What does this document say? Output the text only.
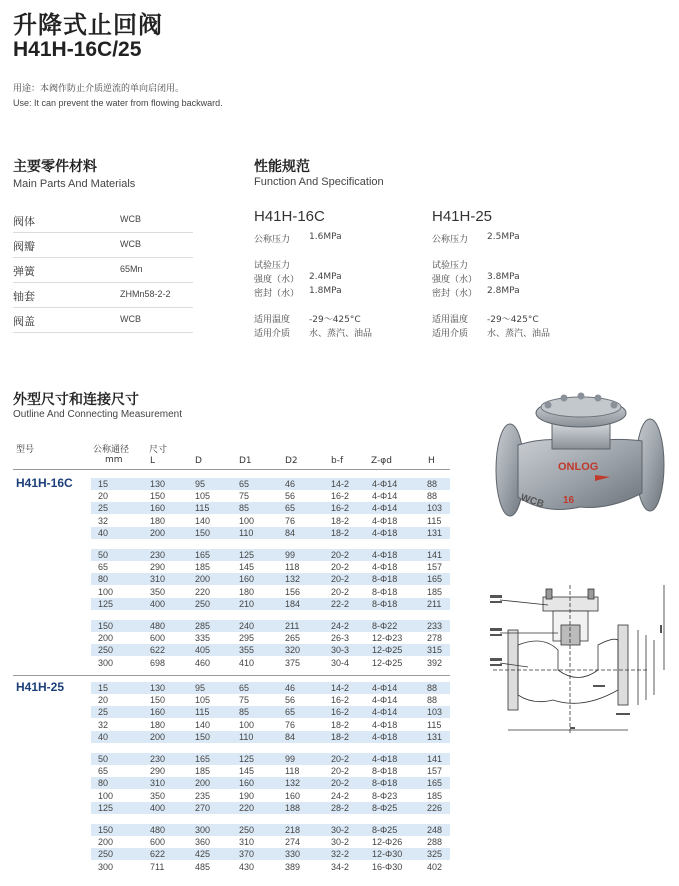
升降式止回阀
H41H-16C/25
用途：本阀作防止介质逆流的单向启闭用。
Use: It can prevent the water from flowing backward.
主要零件材料
Main Parts And Materials
阀体	WCB
阀瓣	WCB
弹簧	65Mn
轴套	ZHMn58-2-2
阀盖	WCB
性能规范
Function And Specification
H41H-16C
公称压力 1.6MPa
试验压力
强度（水） 2.4MPa
密封（水） 1.8MPa
适用温度 -29～425°C
适用介质 水、蒸汽、油品
H41H-25
公称压力 2.5MPa
试验压力
强度（水） 3.8MPa
密封（水） 2.8MPa
适用温度 -29～425°C
适用介质 水、蒸汽、油品
外型尺寸和连接尺寸
Outline And Connecting Measurement
型号	公称通径
mm
尺寸
L	D	D1	D2	b-f	Z-φd	H
H41H-16C	15	130	95	65	46	14-2	4-Φ14	88
20	150	105	75	56	16-2	4-Φ14	88
25	160	115	85	65	16-2	4-Φ14	103
32	180	140	100	76	18-2	4-Φ18	115
40	200	150	110	84	18-2	4-Φ18	131
50	230	165	125	99	20-2	4-Φ18	141
65	290	185	145	118	20-2	4-Φ18	157
80	310	200	160	132	20-2	8-Φ18	165
100	350	220	180	156	20-2	8-Φ18	185
125	400	250	210	184	22-2	8-Φ18	211
150	480	285	240	211	24-2	8-Φ22	233
200	600	335	295	265	26-3	12-Φ23	278
250	622	405	355	320	30-3	12-Φ25	315
300	698	460	410	375	30-4	12-Φ25	392
H41H-25	15	130	95	65	46	14-2	4-Φ14	88
20	150	105	75	56	16-2	4-Φ14	88
25	160	115	85	65	16-2	4-Φ14	103
32	180	140	100	76	18-2	4-Φ18	115
40	200	150	110	84	18-2	4-Φ18	131
50	230	165	125	99	20-2	4-Φ18	141
65	290	185	145	118	20-2	8-Φ18	157
80	310	200	160	132	20-2	8-Φ18	165
100	350	235	190	160	24-2	8-Φ23	185
125	400	270	220	188	28-2	8-Φ25	226
150	480	300	250	218	30-2	8-Φ25	248
200	600	360	310	274	30-2	12-Φ26	288
250	622	425	370	330	32-2	12-Φ30	325
300	711	485	430	389	34-2	16-Φ30	402
ONLOG
WCB 16
